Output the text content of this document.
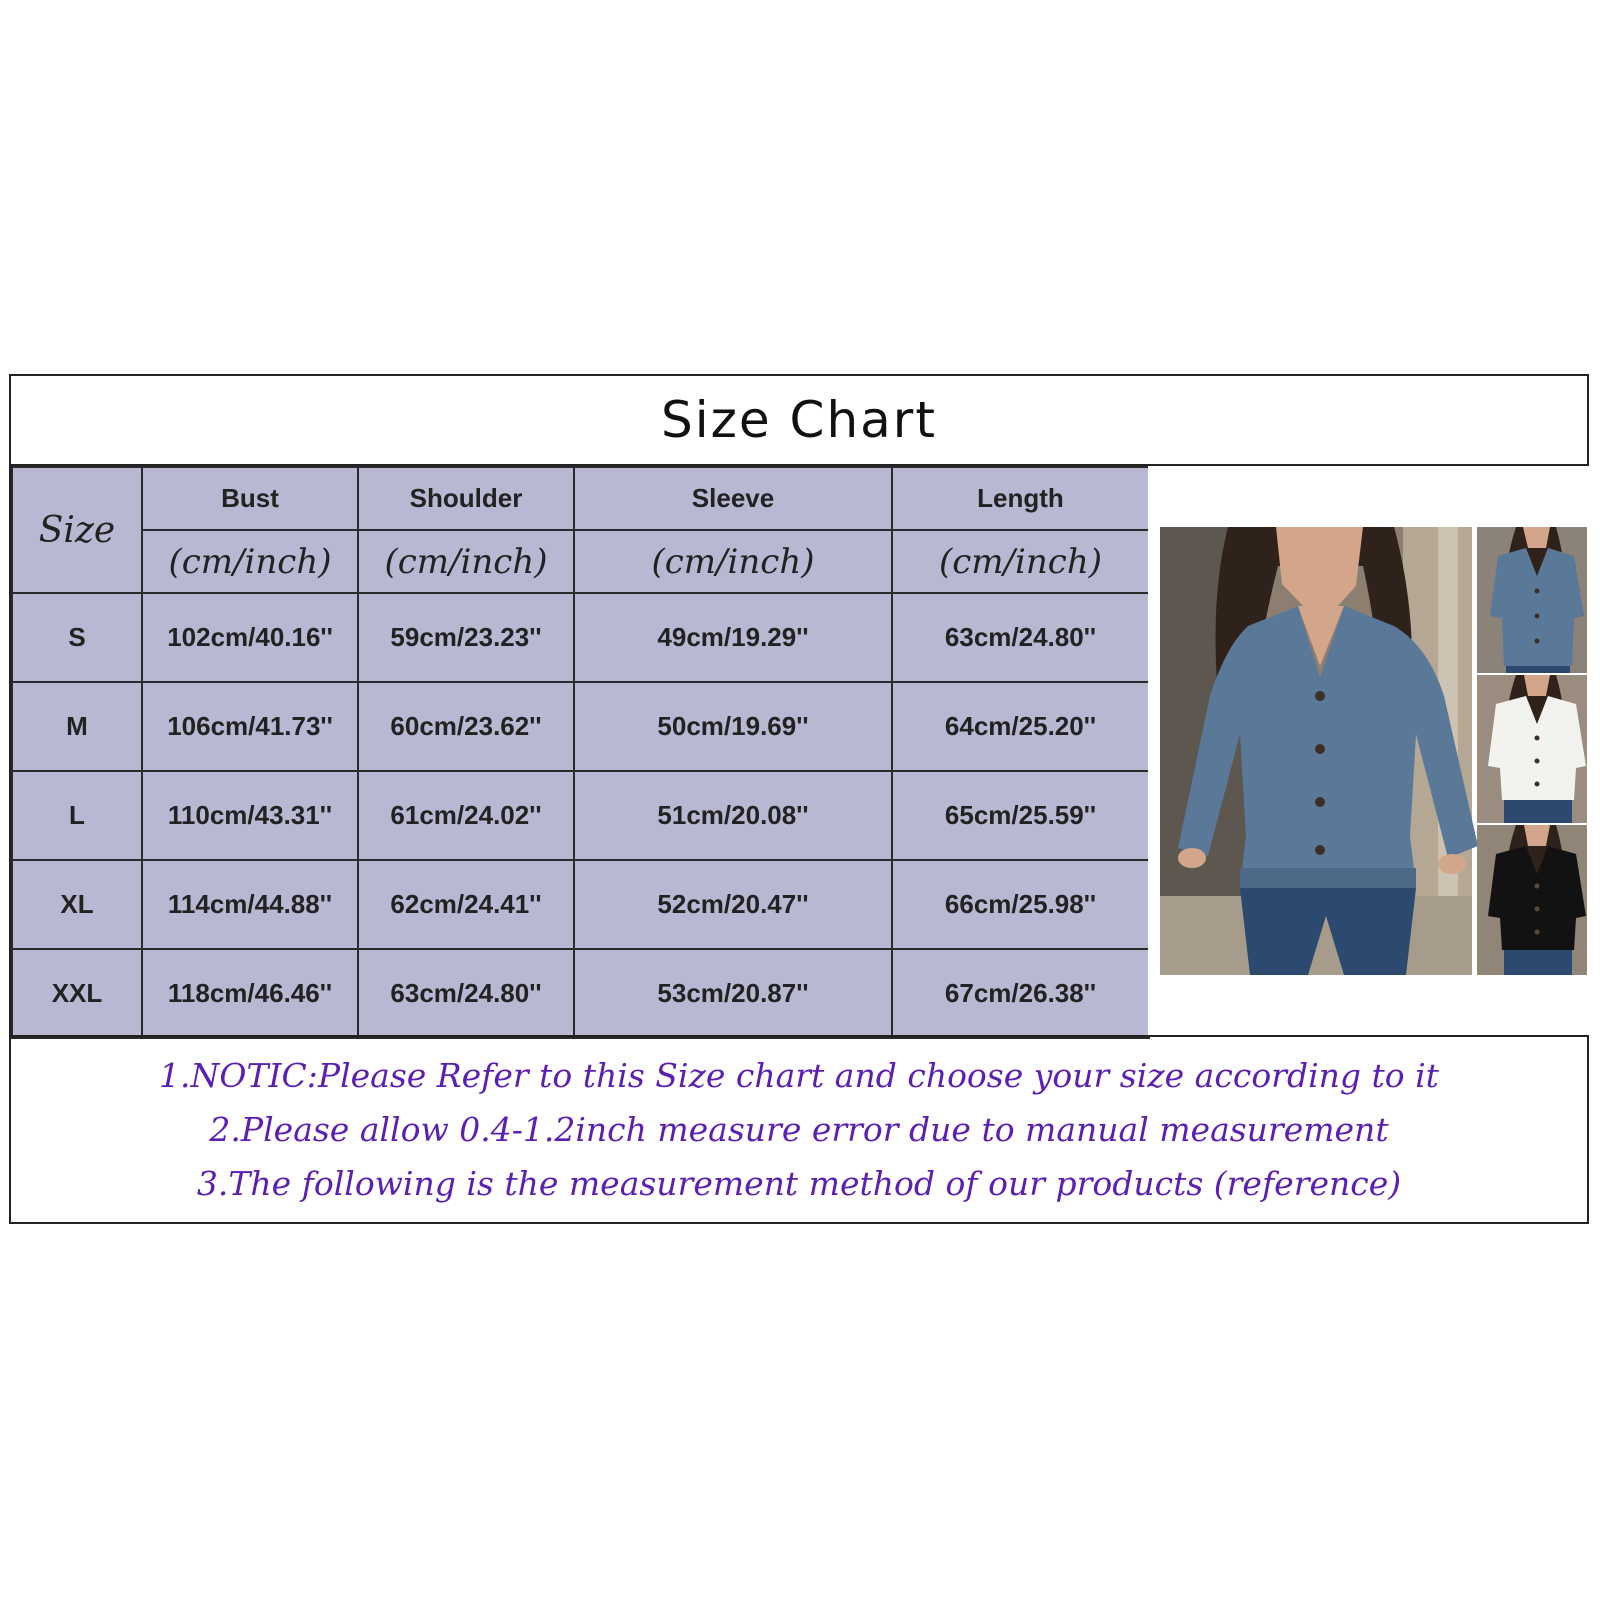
Size Chart
Size	Bust	Shoulder	Sleeve	Length
	(cm/inch)	(cm/inch)	(cm/inch)	(cm/inch)
S	102cm/40.16''	59cm/23.23''	49cm/19.29''	63cm/24.80''
M	106cm/41.73''	60cm/23.62''	50cm/19.69''	64cm/25.20''
L	110cm/43.31''	61cm/24.02''	51cm/20.08''	65cm/25.59''
XL	114cm/44.88''	62cm/24.41''	52cm/20.47''	66cm/25.98''
XXL	118cm/46.46''	63cm/24.80''	53cm/20.87''	67cm/26.38''
1.NOTIC:Please Refer to this Size chart and choose your size according to it
2.Please allow 0.4-1.2inch measure error due to manual measurement
3.The following is the measurement method of our products (reference)
